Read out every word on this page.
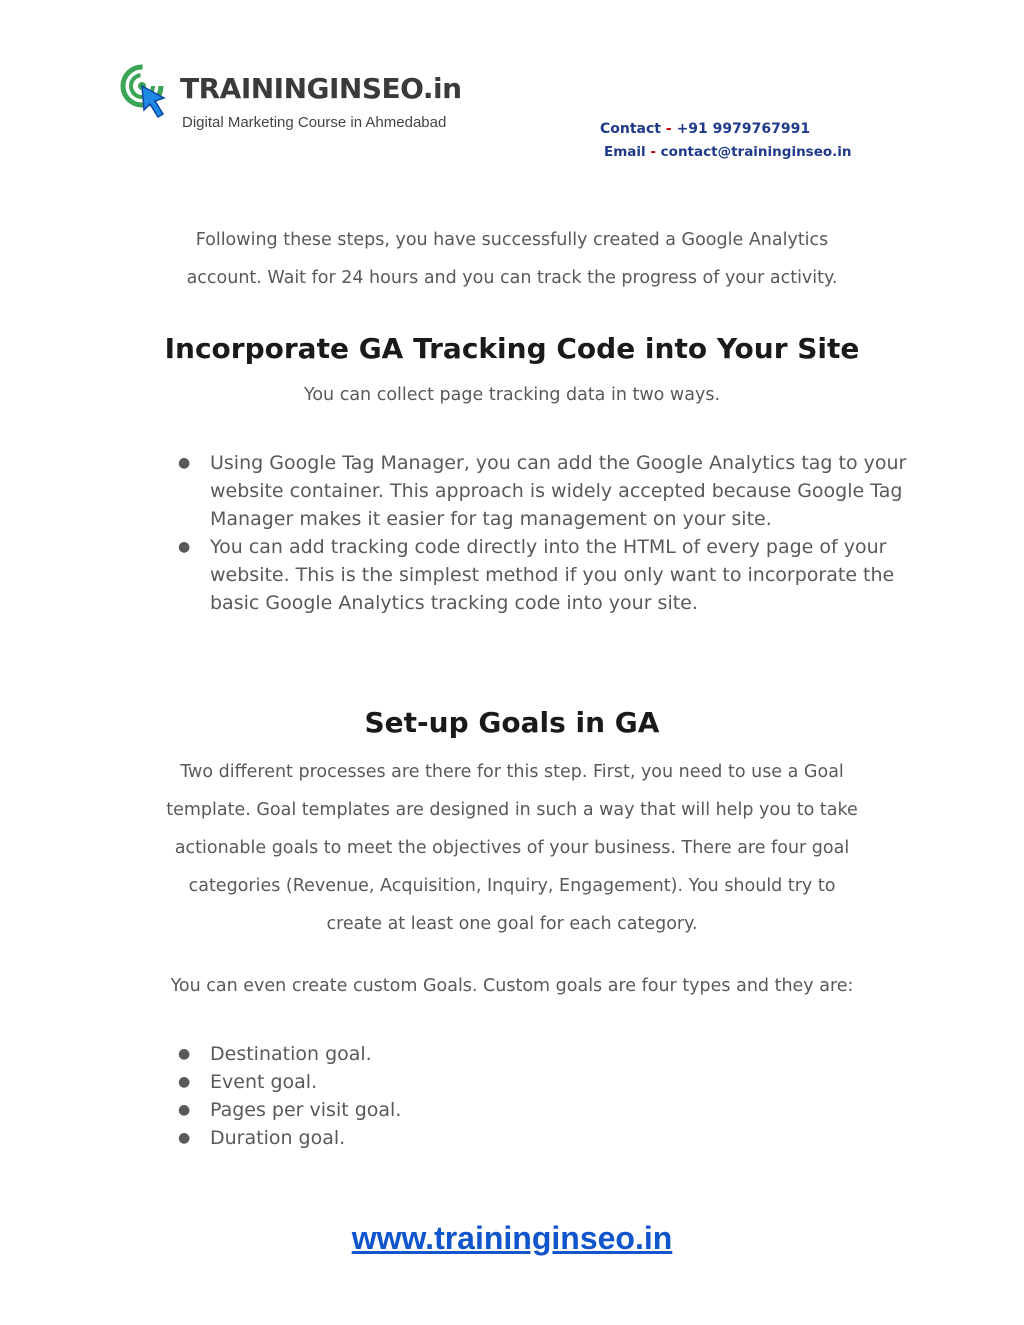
TRAININGINSEO.in
Digital Marketing Course in Ahmedabad	Contact - +91 9979767991
Email - contact@traininginseo.in
Following these steps, you have successfully created a Google Analytics
account. Wait for 24 hours and you can track the progress of your activity.
Incorporate GA Tracking Code into Your Site
You can collect page tracking data in two ways.
● Using Google Tag Manager, you can add the Google Analytics tag to your website container. This approach is widely accepted because Google Tag Manager makes it easier for tag management on your site.
● You can add tracking code directly into the HTML of every page of your website. This is the simplest method if you only want to incorporate the basic Google Analytics tracking code into your site.
Set-up Goals in GA
Two different processes are there for this step. First, you need to use a Goal
template. Goal templates are designed in such a way that will help you to take
actionable goals to meet the objectives of your business. There are four goal
categories (Revenue, Acquisition, Inquiry, Engagement). You should try to
create at least one goal for each category.
You can even create custom Goals. Custom goals are four types and they are:
● Destination goal.
● Event goal.
● Pages per visit goal.
● Duration goal.
www.traininginseo.in
